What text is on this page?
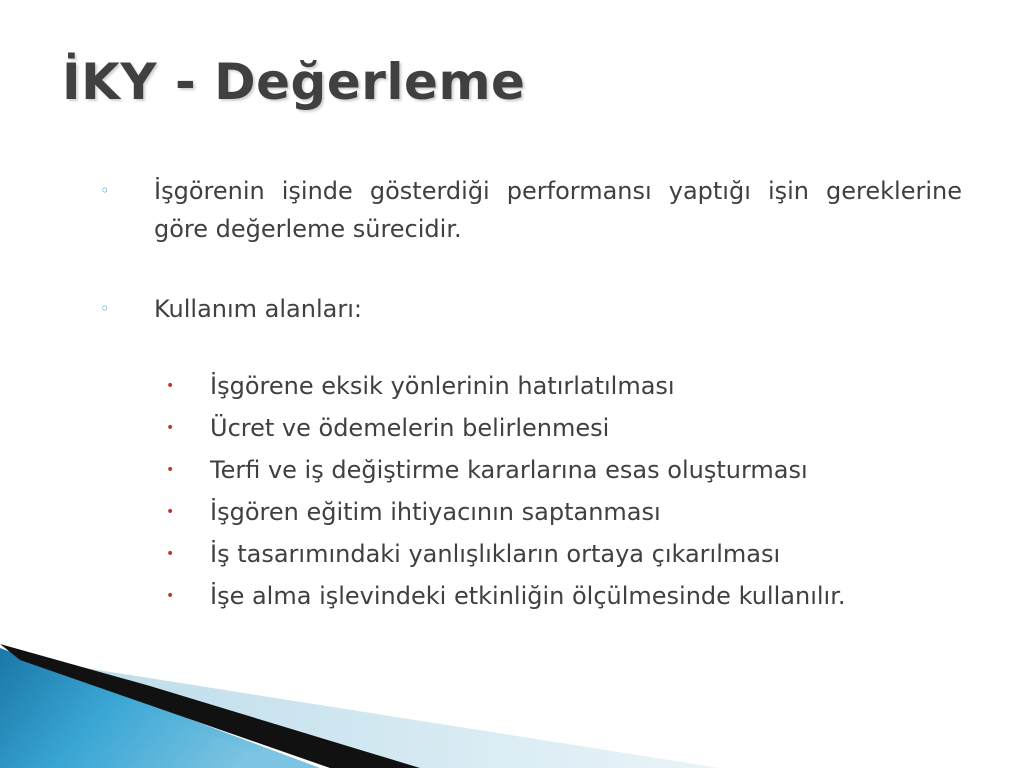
İKY - Değerleme
◦	İşgörenin işinde gösterdiği performansı yaptığı işin gereklerine göre değerleme sürecidir.
◦	Kullanım alanları:
• İşgörene eksik yönlerinin hatırlatılması
• Ücret ve ödemelerin belirlenmesi
• Terfi ve iş değiştirme kararlarına esas oluşturması
• İşgören eğitim ihtiyacının saptanması
• İş tasarımındaki yanlışlıkların ortaya çıkarılması
• İşe alma işlevindeki etkinliğin ölçülmesinde kullanılır.
